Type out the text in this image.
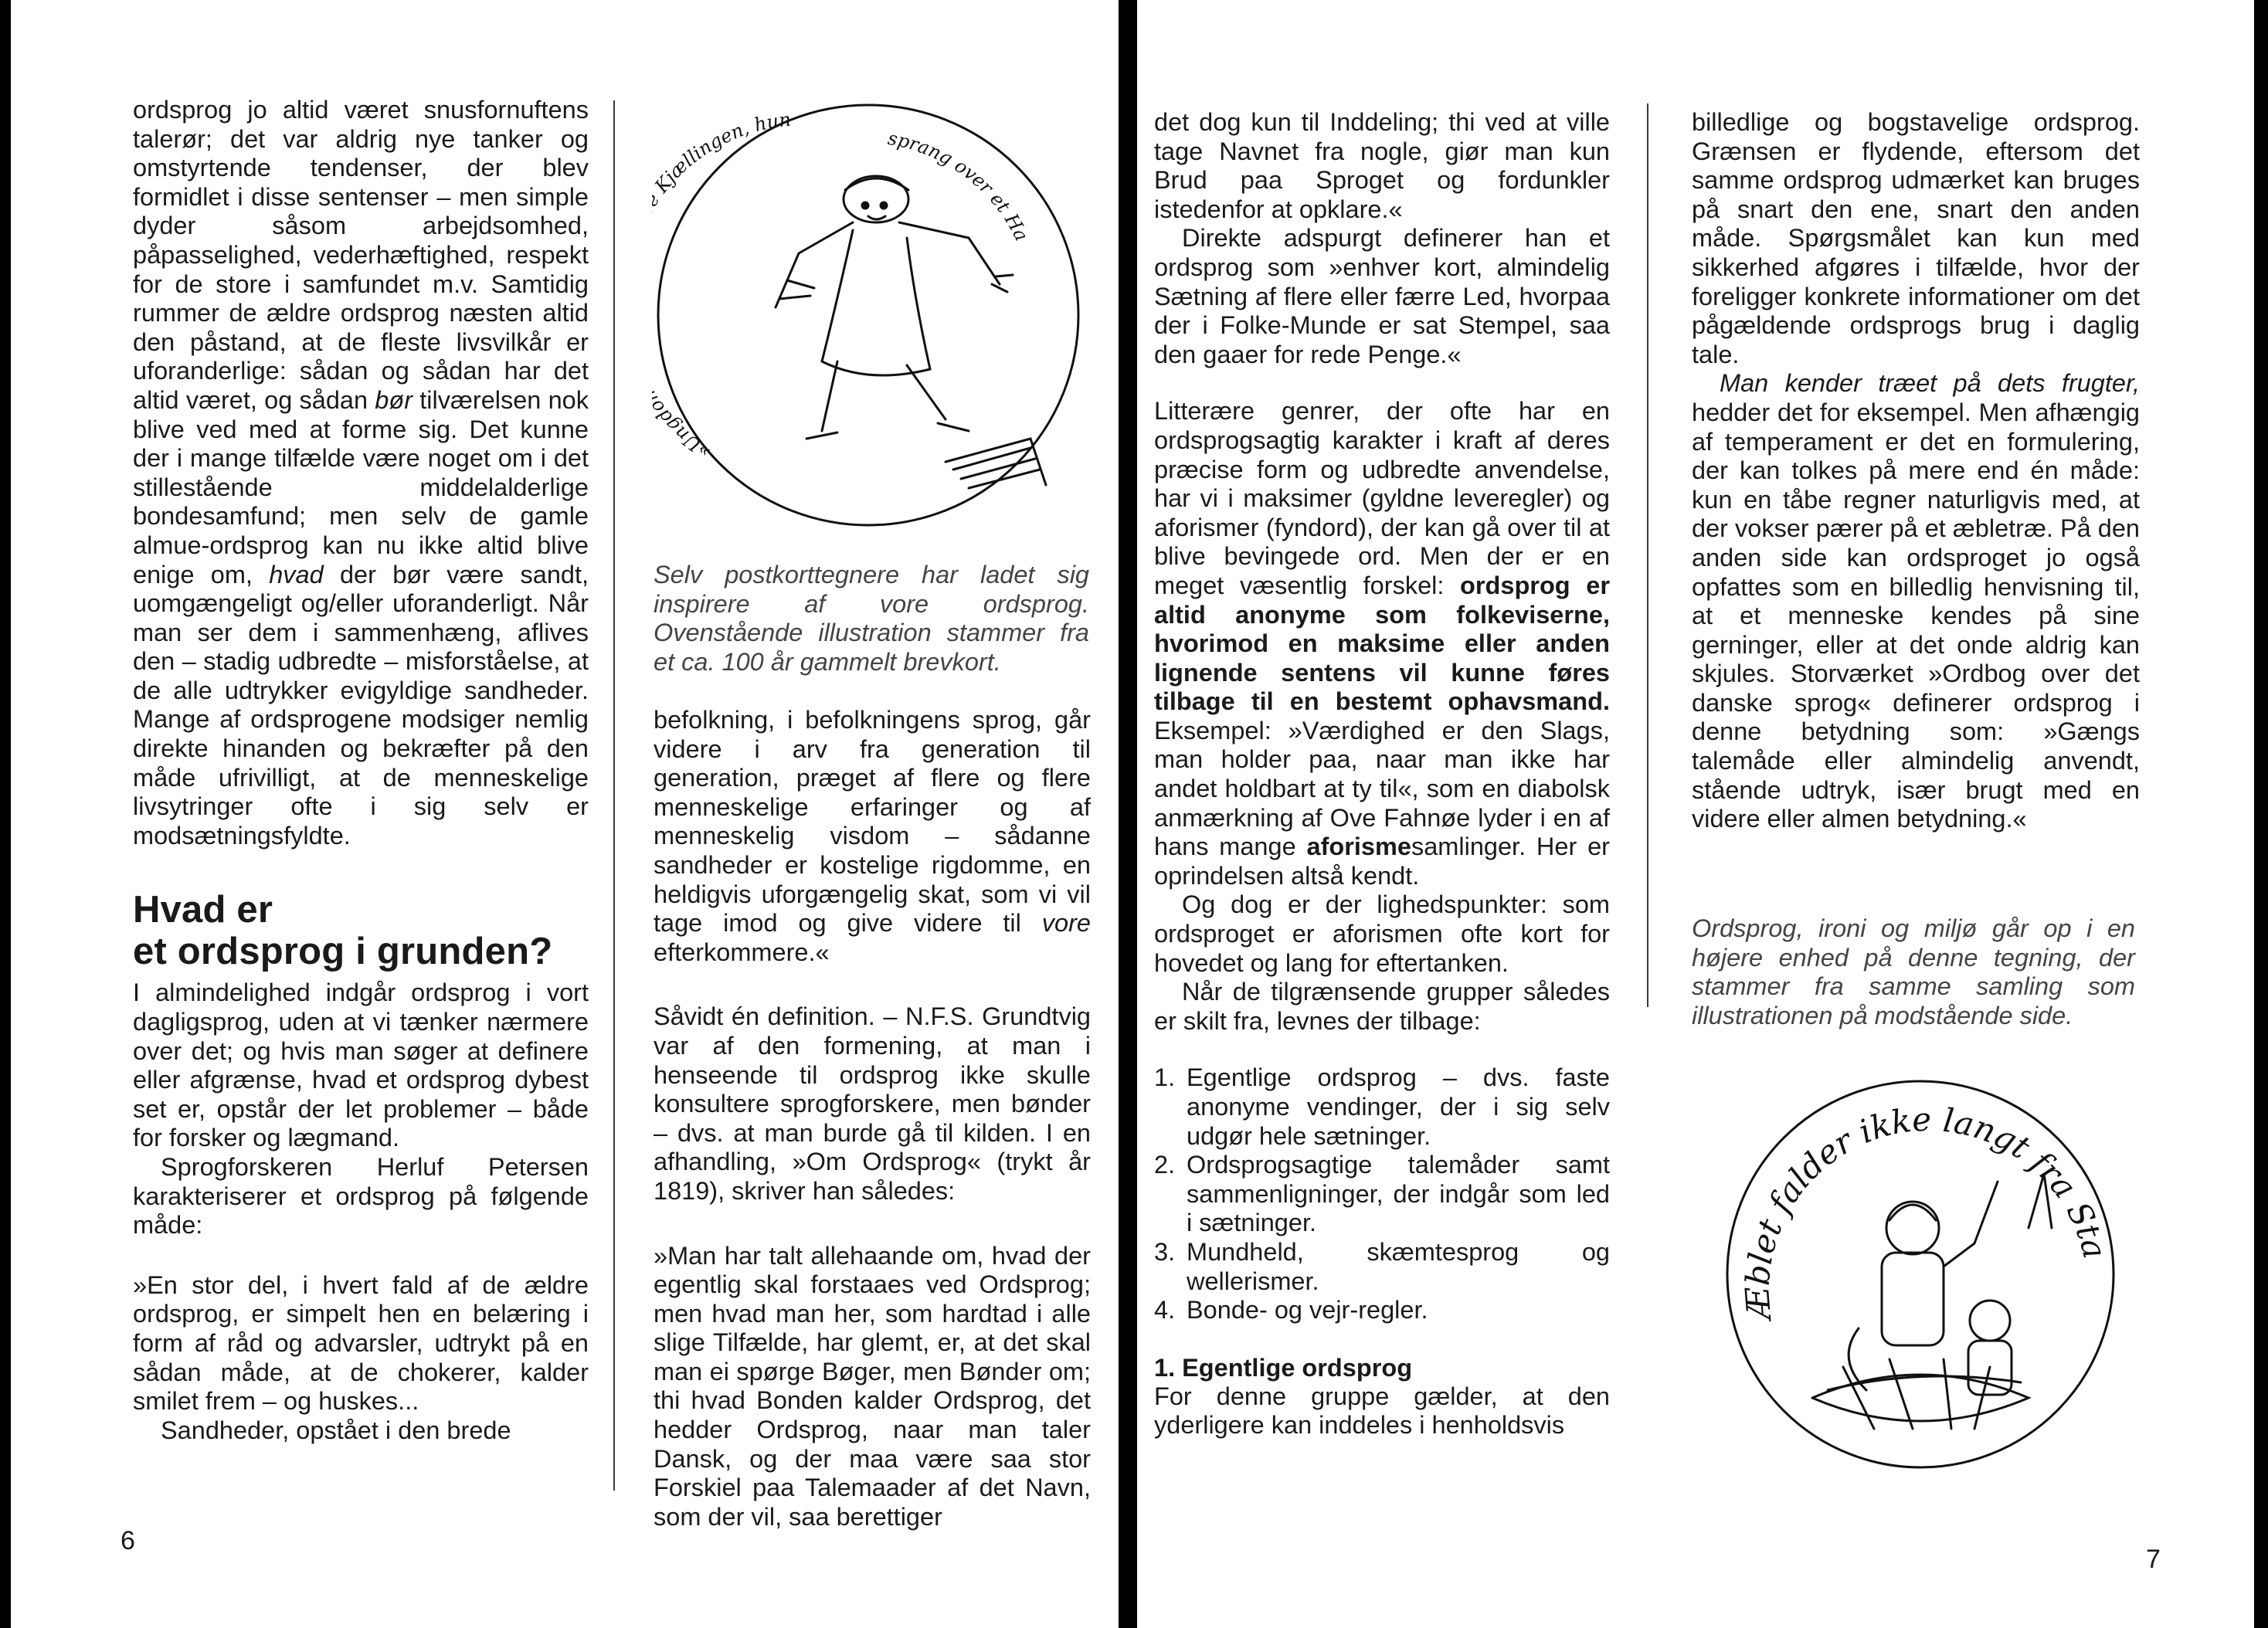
ordsprog jo altid været snusfornuftens talerør; det var aldrig nye tanker og omstyrtende tendenser, der blev formidlet i disse sentenser – men simple dyder såsom arbejdsomhed, påpasselighed, vederhæftighed, respekt for de store i samfundet m.v. Samtidig rummer de ældre ordsprog næsten altid den påstand, at de fleste livsvilkår er uforanderlige: sådan og sådan har det altid været, og sådan bør tilværelsen nok blive ved med at forme sig. Det kunne der i mange tilfælde være noget om i det stillestående middelalderlige bondesamfund; men selv de gamle almue-ordsprog kan nu ikke altid blive enige om, hvad der bør være sandt, uomgængeligt og/eller uforanderligt. Når man ser dem i sammenhæng, aflives den – stadig udbredte – misforståelse, at de alle udtrykker evigyldige sandheder. Mange af ordsprogene modsiger nemlig direkte hinanden og bekræfter på den måde ufrivilligt, at de menneskelige livsytringer ofte i sig selv er modsætningsfyldte.

Hvad er
et ordsprog i grunden?

I almindelighed indgår ordsprog i vort dagligsprog, uden at vi tænker nærmere over det; og hvis man søger at definere eller afgrænse, hvad et ordsprog dybest set er, opstår der let problemer – både for forsker og lægmand.

Sprogforskeren Herluf Petersen karakteriserer et ordsprog på følgende måde:

»En stor del, i hvert fald af de ældre ordsprog, er simpelt hen en belæring i form af råd og advarsler, udtrykt på en sådan måde, at de chokerer, kalder smilet frem – og huskes...

Sandheder, opstået i den brede

»Ungd Kjællingen, hun
sprang over et Ha

Selv postkorttegnere har ladet sig inspirere af vore ordsprog. Ovenstående illustration stammer fra et ca. 100 år gammelt brevkort.

befolkning, i befolkningens sprog, går videre i arv fra generation til generation, præget af flere og flere menneskelige erfaringer og af menneskelig visdom – sådanne sandheder er kostelige rigdomme, en heldigvis uforgængelig skat, som vi vil tage imod og give videre til vore efterkommere.«

Såvidt én definition. – N.F.S. Grundtvig var af den formening, at man i henseende til ordsprog ikke skulle konsultere sprogforskere, men bønder – dvs. at man burde gå til kilden. I en afhandling, »Om Ordsprog« (trykt år 1819), skriver han således:

»Man har talt allehaande om, hvad der egentlig skal forstaaes ved Ordsprog; men hvad man her, som hardtad i alle slige Tilfælde, har glemt, er, at det skal man ei spørge Bøger, men Bønder om; thi hvad Bonden kalder Ordsprog, det hedder Ordsprog, naar man taler Dansk, og der maa være saa stor Forskiel paa Talemaader af det Navn, som der vil, saa berettiger

6

det dog kun til Inddeling; thi ved at ville tage Navnet fra nogle, giør man kun Brud paa Sproget og fordunkler istedenfor at opklare.«

Direkte adspurgt definerer han et ordsprog som »enhver kort, almindelig Sætning af flere eller færre Led, hvorpaa der i Folke-Munde er sat Stempel, saa den gaaer for rede Penge.«

Litterære genrer, der ofte har en ordsprogsagtig karakter i kraft af deres præcise form og udbredte anvendelse, har vi i maksimer (gyldne leveregler) og aforismer (fyndord), der kan gå over til at blive bevingede ord. Men der er en meget væsentlig forskel: ordsprog er altid anonyme som folkeviserne, hvorimod en maksime eller anden lignende sentens vil kunne føres tilbage til en bestemt ophavsmand. Eksempel: »Værdighed er den Slags, man holder paa, naar man ikke har andet holdbart at ty til«, som en diabolsk anmærkning af Ove Fahnøe lyder i en af hans mange aforismesamlinger. Her er oprindelsen altså kendt.

Og dog er der lighedspunkter: som ordsproget er aforismen ofte kort for hovedet og lang for eftertanken.

Når de tilgrænsende grupper således er skilt fra, levnes der tilbage:

1. Egentlige ordsprog – dvs. faste anonyme vendinger, der i sig selv udgør hele sætninger.
2. Ordsprogsagtige talemåder samt sammenligninger, der indgår som led i sætninger.
3. Mundheld, skæmtesprog og wellerismer.
4. Bonde- og vejr-regler.
1. Egentlige ordsprog

For denne gruppe gælder, at den yderligere kan inddeles i henholdsvis

billedlige og bogstavelige ordsprog. Grænsen er flydende, eftersom det samme ordsprog udmærket kan bruges på snart den ene, snart den anden måde. Spørgsmålet kan kun med sikkerhed afgøres i tilfælde, hvor der foreligger konkrete informationer om det pågældende ordsprogs brug i daglig tale.

Man kender træet på dets frugter, hedder det for eksempel. Men afhængig af temperament er det en formulering, der kan tolkes på mere end én måde: kun en tåbe regner naturligvis med, at der vokser pærer på et æbletræ. På den anden side kan ordsproget jo også opfattes som en billedlig henvisning til, at et menneske kendes på sine gerninger, eller at det onde aldrig kan skjules. Storværket »Ordbog over det danske sprog« definerer ordsprog i denne betydning som: »Gængs talemåde eller almindelig anvendt, stående udtryk, især brugt med en videre eller almen betydning.«

Ordsprog, ironi og miljø går op i en højere enhed på denne tegning, der stammer fra samme samling som illustrationen på modstående side.

Æblet falder ikke langt fra Sta
7
